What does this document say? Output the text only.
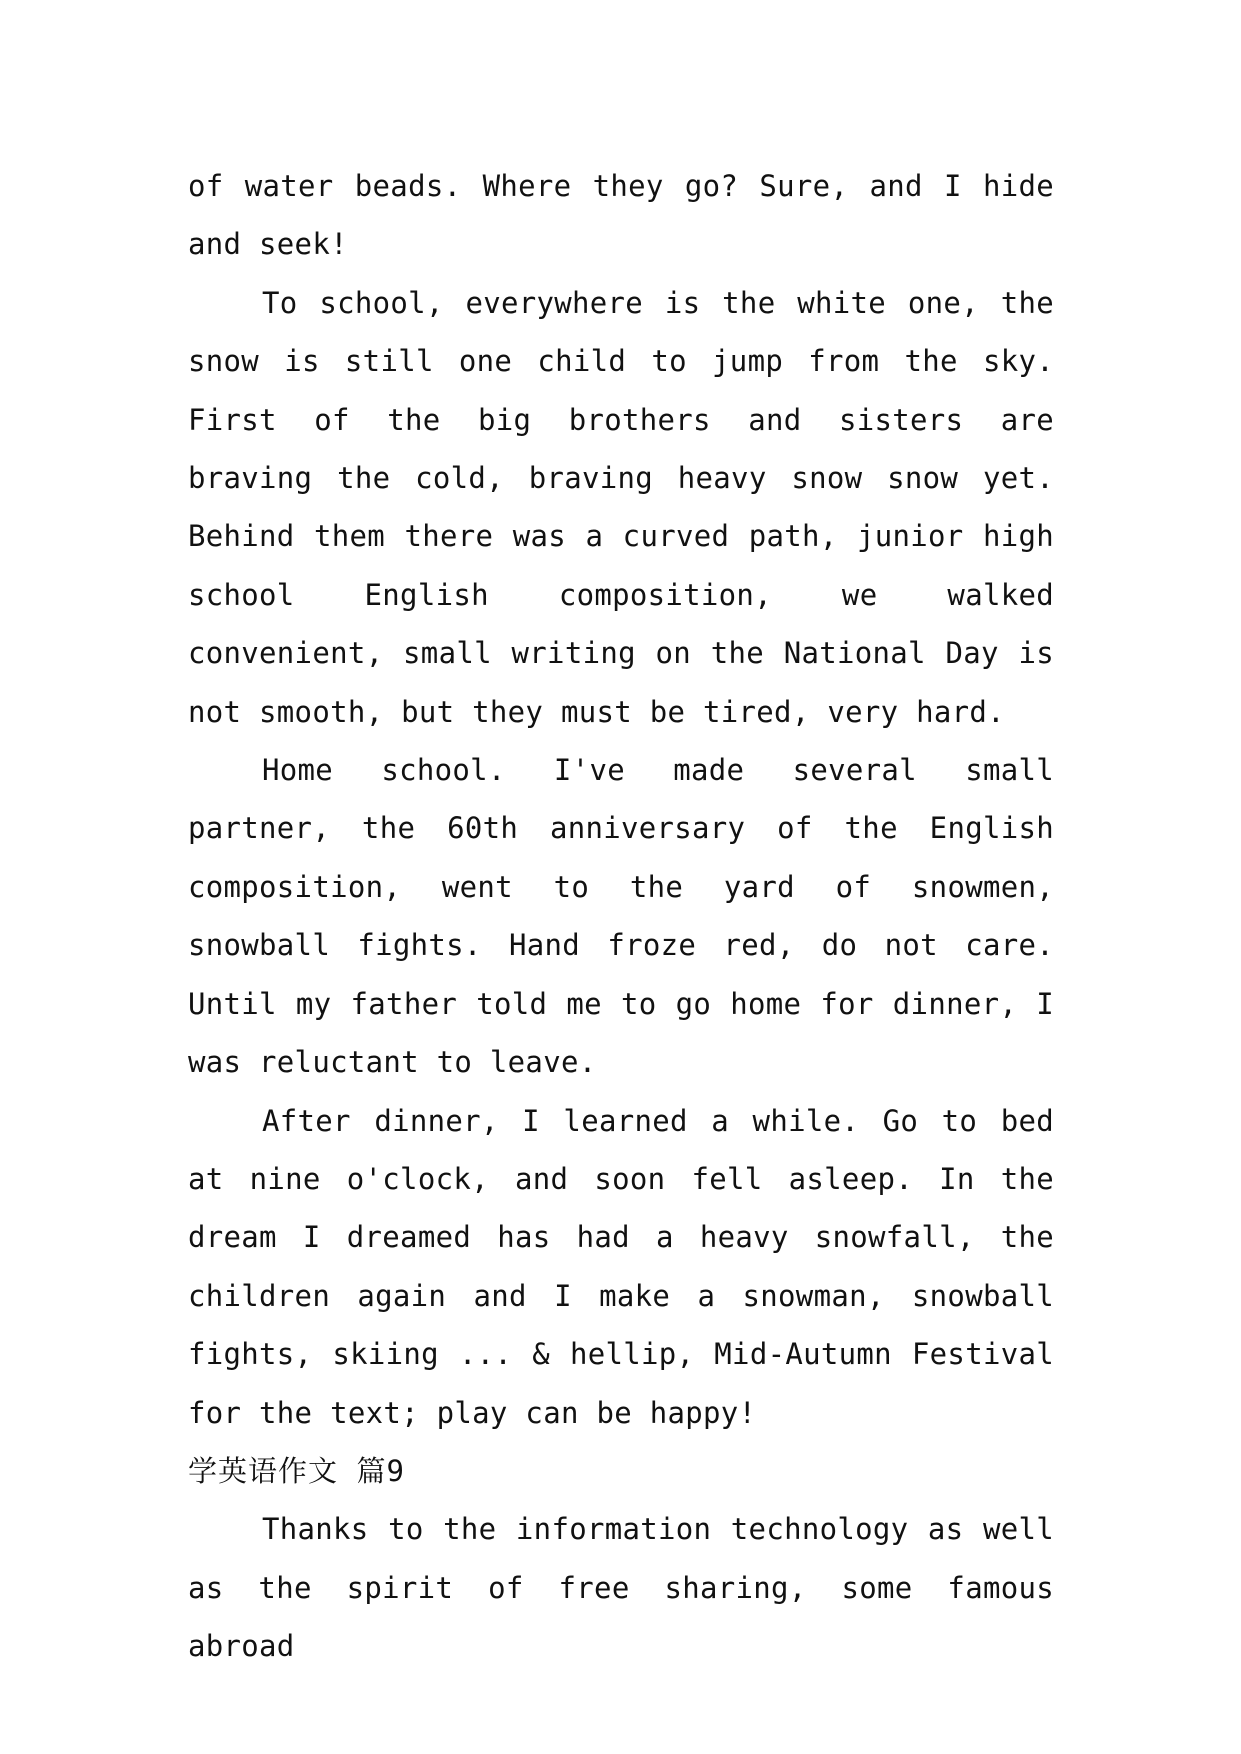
of water beads. Where they go? Sure, and I hide and seek!

To school, everywhere is the white one, the snow is still one child to jump from the sky. First of the big brothers and sisters are braving the cold, braving heavy snow snow yet. Behind them there was a curved path, junior high school English composition, we walked convenient, small writing on the National Day is not smooth, but they must be tired, very hard.

Home school. I've made several small partner, the 60th anniversary of the English composition, went to the yard of snowmen, snowball fights. Hand froze red, do not care. Until my father told me to go home for dinner, I was reluctant to leave.

After dinner, I learned a while. Go to bed at nine o'clock, and soon fell asleep. In the dream I dreamed has had a heavy snowfall, the children again and I make a snowman, snowball fights, skiing ... & hellip, Mid-Autumn Festival for the text; play can be happy!

学英语作文 篇9

Thanks to the information technology as well as the spirit of free sharing, some famous abroad
